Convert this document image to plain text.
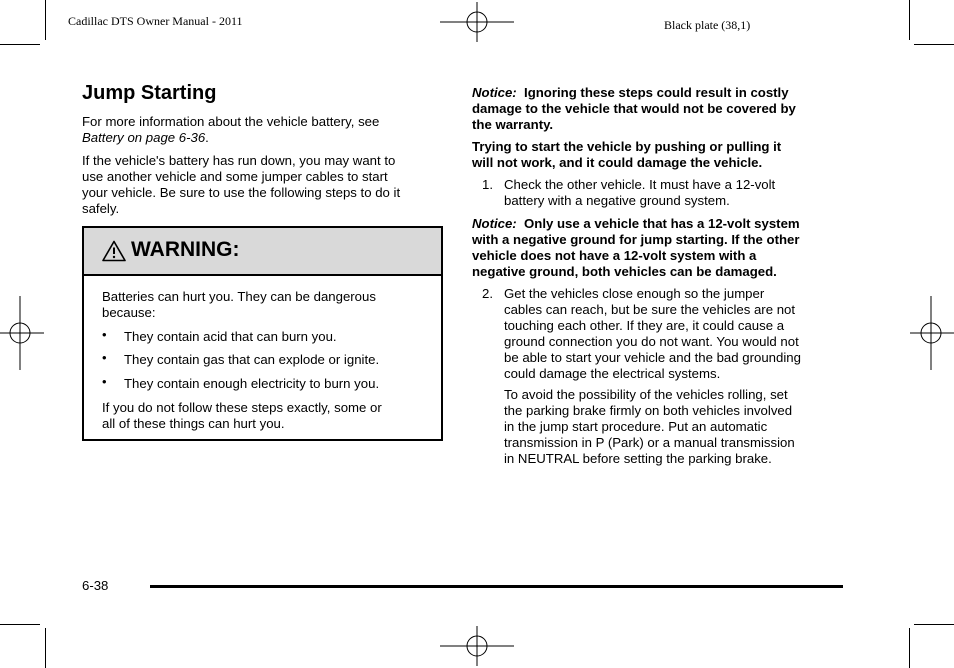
Cadillac DTS Owner Manual - 2011	Black plate (38,1)
Jump Starting
For more information about the vehicle battery, see
Battery on page 6-36.
If the vehicle's battery has run down, you may want to
use another vehicle and some jumper cables to start
your vehicle. Be sure to use the following steps to do it
safely.
WARNING:
Batteries can hurt you. They can be dangerous
because:
• They contain acid that can burn you.
• They contain gas that can explode or ignite.
• They contain enough electricity to burn you.
If you do not follow these steps exactly, some or
all of these things can hurt you.
Notice: Ignoring these steps could result in costly
damage to the vehicle that would not be covered by
the warranty.
Trying to start the vehicle by pushing or pulling it
will not work, and it could damage the vehicle.
1. Check the other vehicle. It must have a 12-volt
battery with a negative ground system.
Notice: Only use a vehicle that has a 12-volt system
with a negative ground for jump starting. If the other
vehicle does not have a 12-volt system with a
negative ground, both vehicles can be damaged.
2. Get the vehicles close enough so the jumper
cables can reach, but be sure the vehicles are not
touching each other. If they are, it could cause a
ground connection you do not want. You would not
be able to start your vehicle and the bad grounding
could damage the electrical systems.
To avoid the possibility of the vehicles rolling, set
the parking brake firmly on both vehicles involved
in the jump start procedure. Put an automatic
transmission in P (Park) or a manual transmission
in NEUTRAL before setting the parking brake.
6-38
